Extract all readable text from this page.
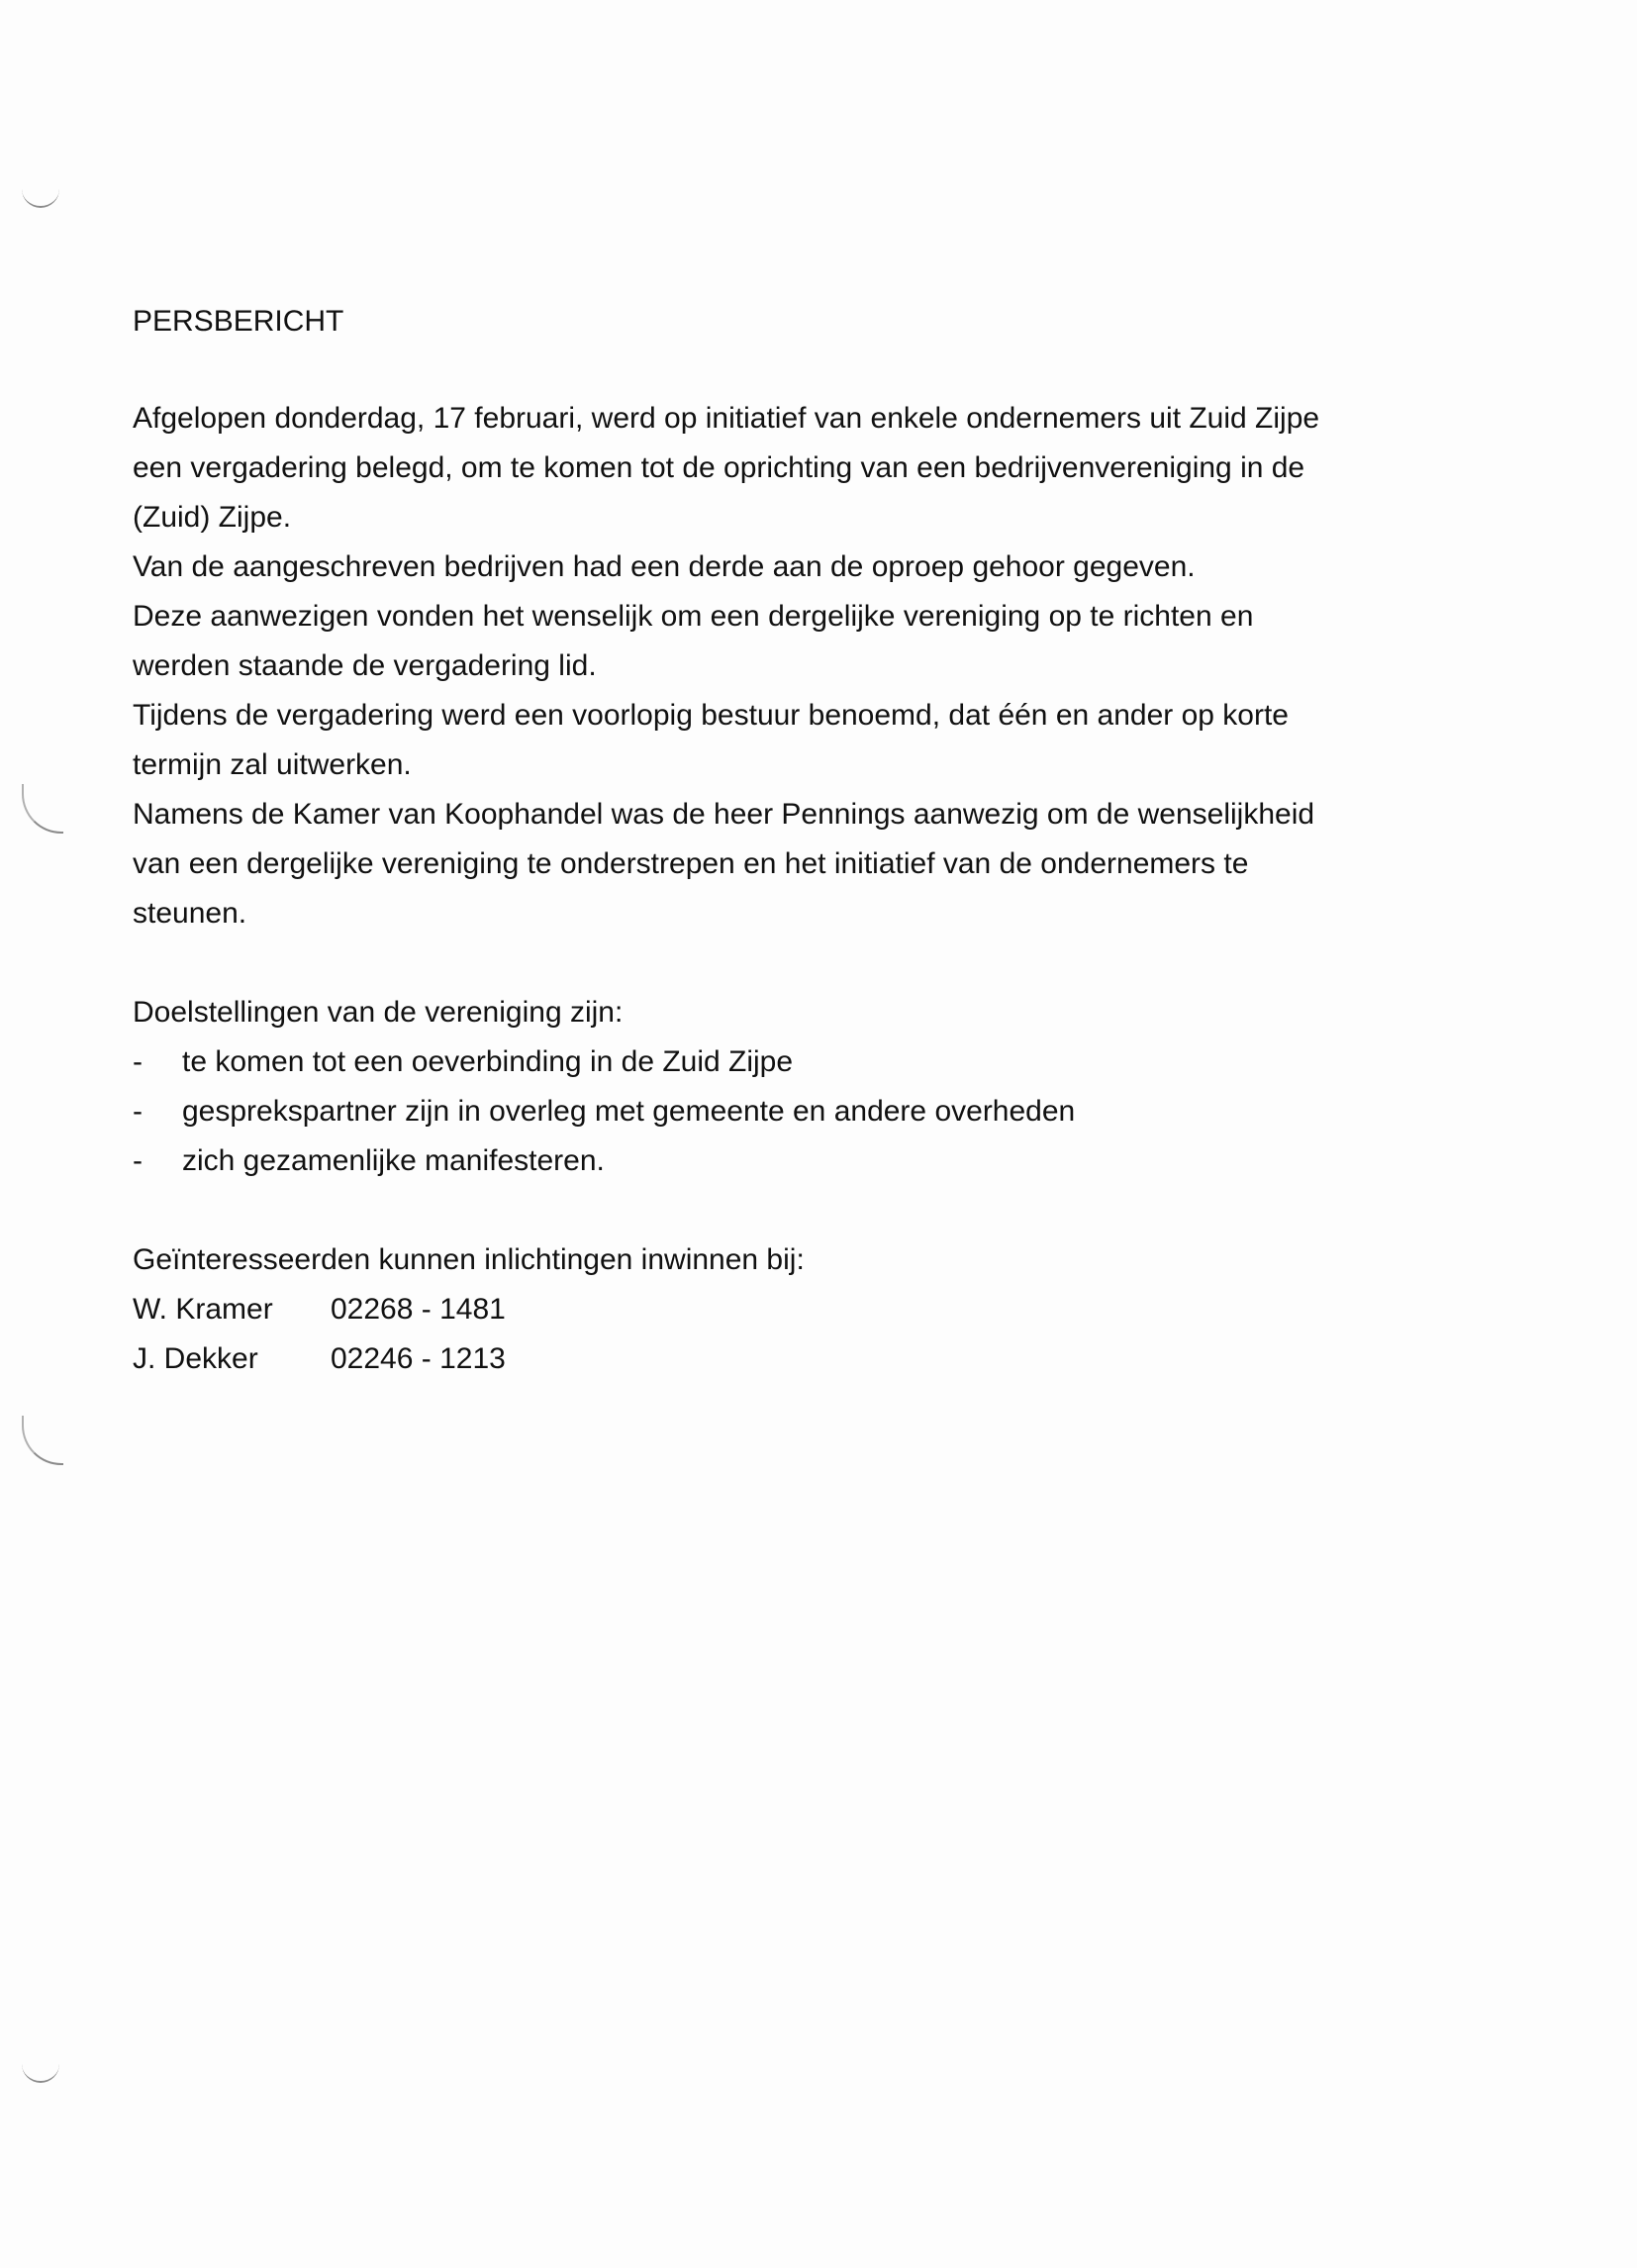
PERSBERICHT

Afgelopen donderdag, 17 februari, werd op initiatief van enkele ondernemers uit Zuid Zijpe

een vergadering belegd, om te komen tot de oprichting van een bedrijvenvereniging in de

(Zuid) Zijpe.

Van de aangeschreven bedrijven had een derde aan de oproep gehoor gegeven.

Deze aanwezigen vonden het wenselijk om een dergelijke vereniging op te richten en

werden staande de vergadering lid.

Tijdens de vergadering werd een voorlopig bestuur benoemd, dat één en ander op korte

termijn zal uitwerken.

Namens de Kamer van Koophandel was de heer Pennings aanwezig om de wenselijkheid

van een dergelijke vereniging te onderstrepen en het initiatief van de ondernemers te

steunen.

Doelstellingen van de vereniging zijn:

-	te komen tot een oeverbinding in de Zuid Zijpe
-	gesprekspartner zijn in overleg met gemeente en andere overheden
-	zich gezamenlijke manifesteren.

Geïnteresseerden kunnen inlichtingen inwinnen bij:

W. Kramer	02268 - 1481
J. Dekker	02246 - 1213
